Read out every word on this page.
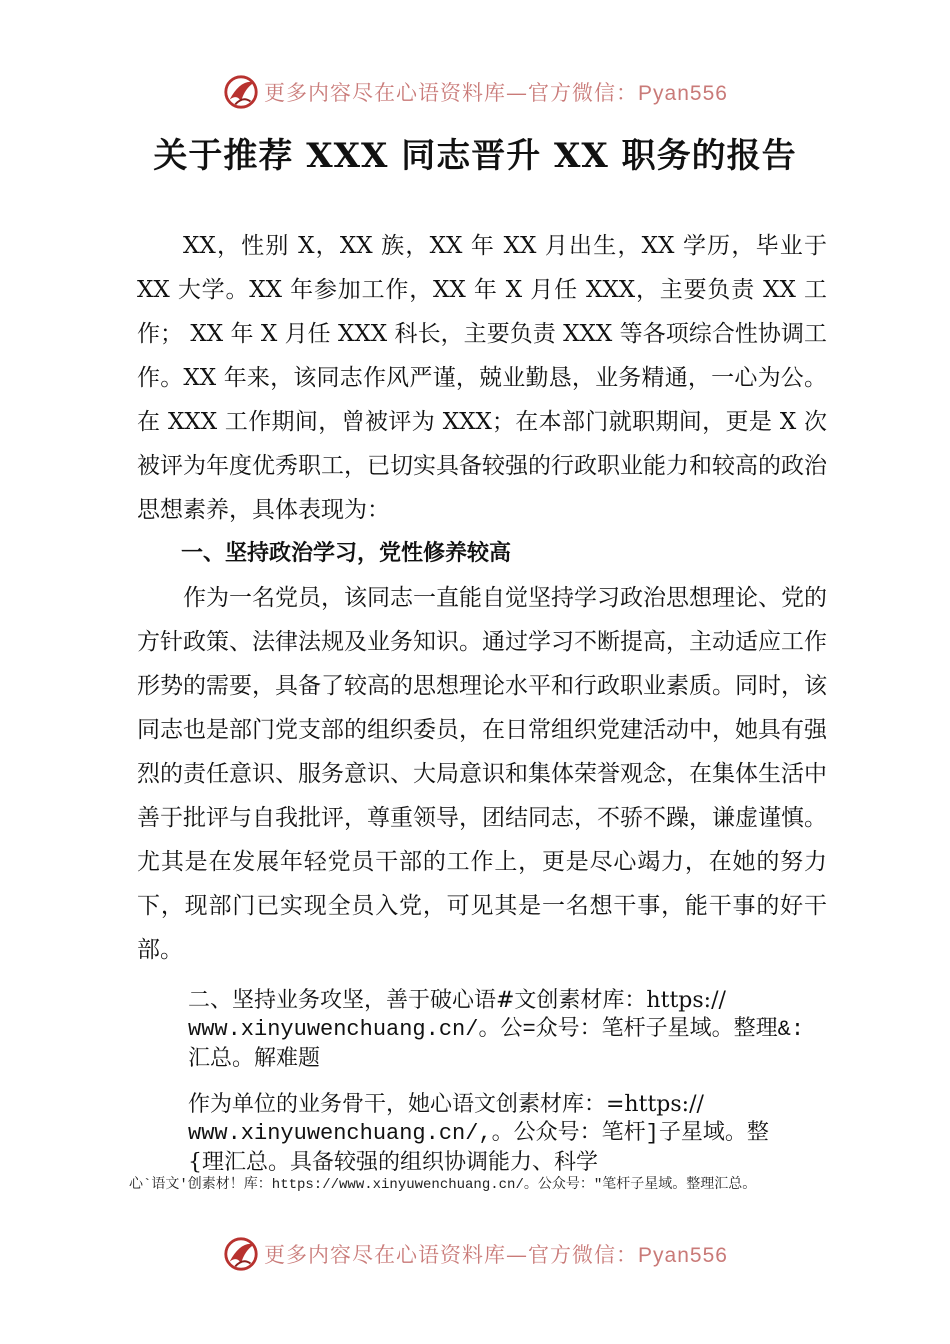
更多内容尽在心语资料库—官方微信：Pyan556
关于推荐 XXX 同志晋升 XX 职务的报告

XX，性别 X，XX 族，XX 年 XX 月出生，XX 学历，毕业于 XX 大学。XX 年参加工作，XX 年 X 月任 XXX，主要负责 XX 工作； XX 年 X 月任 XXX 科长，主要负责 XXX 等各项综合性协调工作。XX 年来，该同志作风严谨，兢业勤恳，业务精通，一心为公。在 XXX 工作期间，曾被评为 XXX；在本部门就职期间，更是 X 次被评为年度优秀职工，已切实具备较强的行政职业能力和较高的政治思想素养，具体表现为：

一、坚持政治学习，党性修养较高

作为一名党员，该同志一直能自觉坚持学习政治思想理论、党的方针政策、法律法规及业务知识。通过学习不断提高，主动适应工作形势的需要，具备了较高的思想理论水平和行政职业素质。同时，该同志也是部门党支部的组织委员，在日常组织党建活动中，她具有强烈的责任意识、服务意识、大局意识和集体荣誉观念，在集体生活中善于批评与自我批评，尊重领导，团结同志，不骄不躁，谦虚谨慎。尤其是在发展年轻党员干部的工作上，更是尽心竭力，在她的努力下，现部门已实现全员入党，可见其是一名想干事，能干事的好干部。

二、坚持业务攻坚，善于破心语#文创素材库：https://
www.xinyuwenchuang.cn/。公=众号：笔杆子星域。整理&:
汇总。解难题
作为单位的业务骨干，她心语文创素材库：=https://
www.xinyuwenchuang.cn/,。公众号：笔杆]子星域。整
{理汇总。具备较强的组织协调能力、科学
心`语文'创素材！库：https://www.xinyuwenchuang.cn/。公众号："笔杆子星域。整理汇总。
更多内容尽在心语资料库—官方微信：Pyan556
